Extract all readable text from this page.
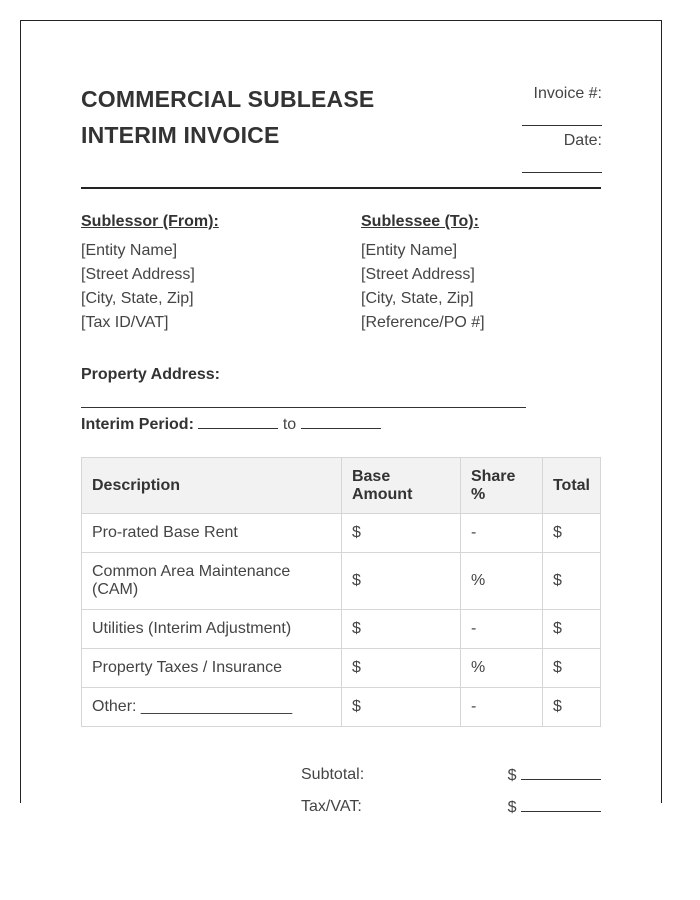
COMMERCIAL SUBLEASE
INTERIM INVOICE
Invoice #:
Date:
Sublessor (From):
[Entity Name]
[Street Address]
[City, State, Zip]
[Tax ID/VAT]
Sublessee (To):
[Entity Name]
[Street Address]
[City, State, Zip]
[Reference/PO #]
Property Address:
Interim Period:	to
Description	Base Amount	Share %	Total
Pro-rated Base Rent	$	-	$
Common Area Maintenance (CAM)	$	%	$
Utilities (Interim Adjustment)	$	-	$
Property Taxes / Insurance	$	%	$
Other: _________________	$	-	$
Subtotal:	$
Tax/VAT:	$
